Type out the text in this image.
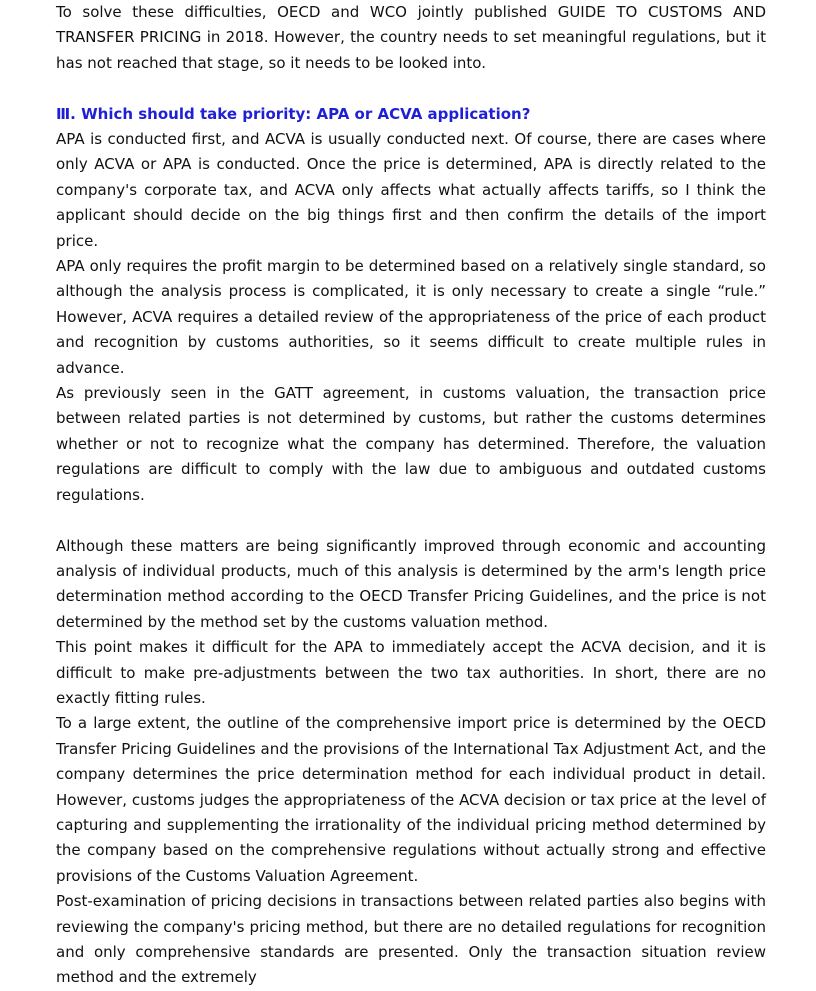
To solve these difficulties, OECD and WCO jointly published GUIDE TO CUSTOMS AND TRANSFER PRICING in 2018. However, the country needs to set meaningful regulations, but it has not reached that stage, so it needs to be looked into.

Ⅲ. Which should take priority: APA or ACVA application?

APA is conducted first, and ACVA is usually conducted next. Of course, there are cases where only ACVA or APA is conducted. Once the price is determined, APA is directly related to the company's corporate tax, and ACVA only affects what actually affects tariffs, so I think the applicant should decide on the big things first and then confirm the details of the import price.

APA only requires the profit margin to be determined based on a relatively single standard, so although the analysis process is complicated, it is only necessary to create a single “rule.” However, ACVA requires a detailed review of the appropriateness of the price of each product and recognition by customs authorities, so it seems difficult to create multiple rules in advance.

As previously seen in the GATT agreement, in customs valuation, the transaction price between related parties is not determined by customs, but rather the customs determines whether or not to recognize what the company has determined. Therefore, the valuation regulations are difficult to comply with the law due to ambiguous and outdated customs regulations.

Although these matters are being significantly improved through economic and accounting analysis of individual products, much of this analysis is determined by the arm's length price determination method according to the OECD Transfer Pricing Guidelines, and the price is not determined by the method set by the customs valuation method.

This point makes it difficult for the APA to immediately accept the ACVA decision, and it is difficult to make pre-adjustments between the two tax authorities. In short, there are no exactly fitting rules.

To a large extent, the outline of the comprehensive import price is determined by the OECD Transfer Pricing Guidelines and the provisions of the International Tax Adjustment Act, and the company determines the price determination method for each individual product in detail. However, customs judges the appropriateness of the ACVA decision or tax price at the level of capturing and supplementing the irrationality of the individual pricing method determined by the company based on the comprehensive regulations without actually strong and effective provisions of the Customs Valuation Agreement.

Post-examination of pricing decisions in transactions between related parties also begins with reviewing the company's pricing method, but there are no detailed regulations for recognition and only comprehensive standards are presented. Only the transaction situation review method and the extremely
